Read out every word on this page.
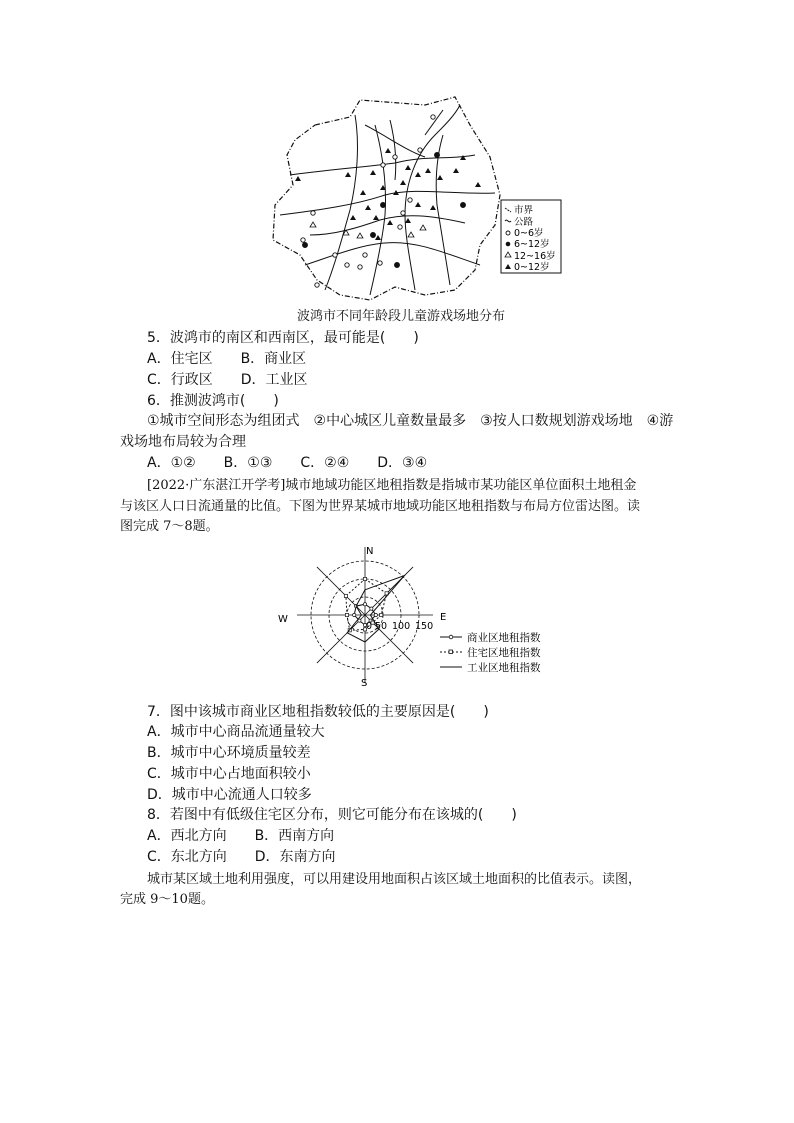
市界
公路
0~6岁
6~12岁
12~16岁
0~12岁
波鸿市不同年龄段儿童游戏场地分布
5．波鸿市的南区和西南区，最可能是(　　)
A．住宅区　　B．商业区
C．行政区　　D．工业区
6．推测波鸿市(　　)
①城市空间形态为组团式　②中心城区儿童数量最多　③按人口数规划游戏场地　④游
戏场地布局较为合理
A．①②　　B．①③　　C．②④　　D．③④
[2022·广东湛江开学考]城市地域功能区地租指数是指城市某功能区单位面积土地租金
与该区人口日流通量的比值。下图为世界某城市地域功能区地租指数与布局方位雷达图。读
图完成 7～8题。
N
S
E
W
0 50 100 150
商业区地租指数
住宅区地租指数
工业区地租指数
7．图中该城市商业区地租指数较低的主要原因是(　　)
A．城市中心商品流通量较大
B．城市中心环境质量较差
C．城市中心占地面积较小
D．城市中心流通人口较多
8．若图中有低级住宅区分布，则它可能分布在该城的(　　)
A．西北方向　　B．西南方向
C．东北方向　　D．东南方向
城市某区域土地利用强度，可以用建设用地面积占该区域土地面积的比值表示。读图，
完成 9～10题。
